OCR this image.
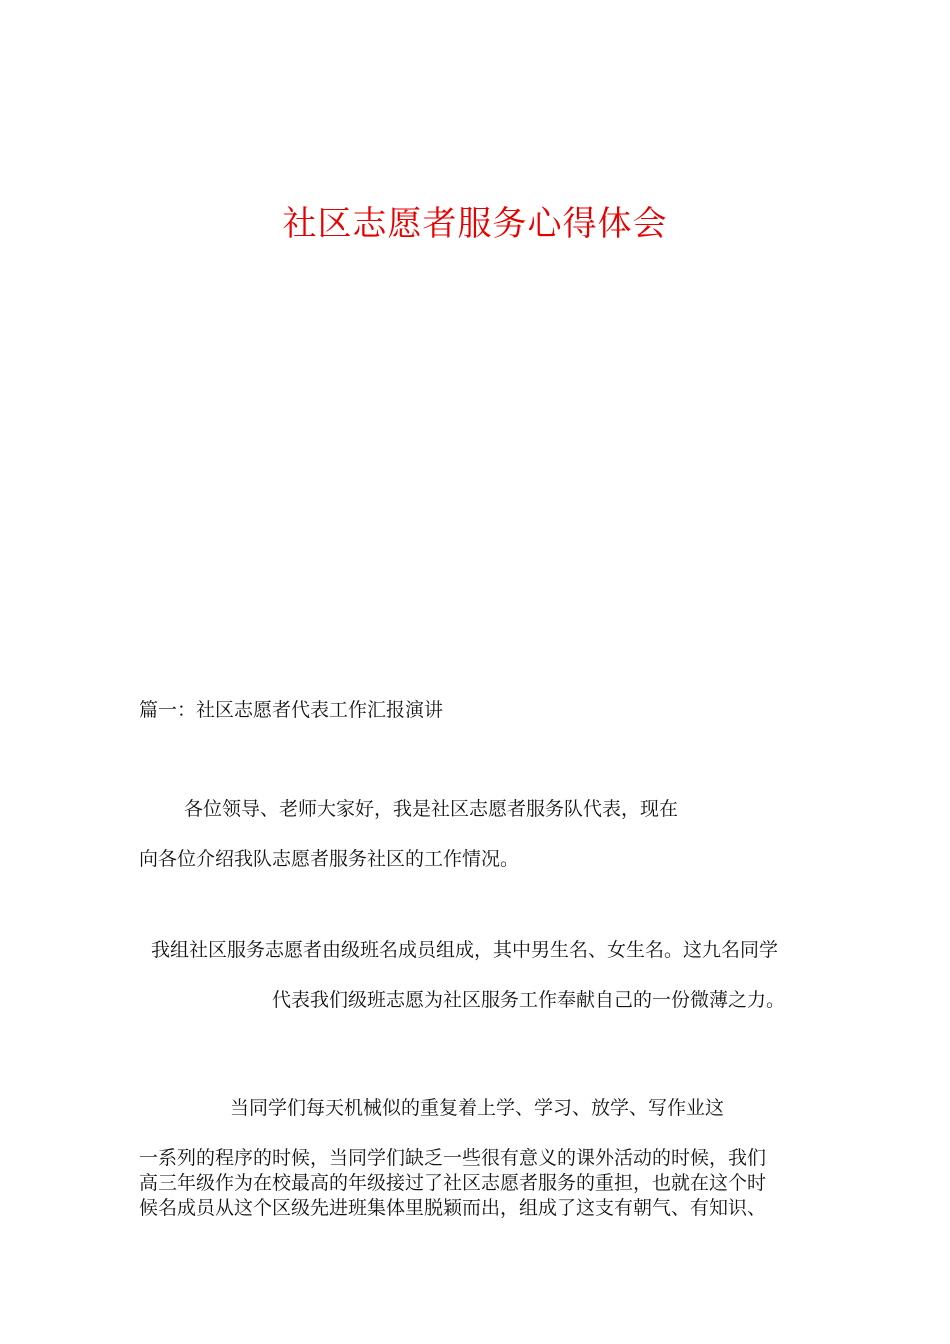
社区志愿者服务心得体会
篇一：社区志愿者代表工作汇报演讲
各位领导、老师大家好，我是社区志愿者服务队代表，现在
向各位介绍我队志愿者服务社区的工作情况。
我组社区服务志愿者由级班名成员组成，其中男生名、女生名。这九名同学
代表我们级班志愿为社区服务工作奉献自己的一份微薄之力。
当同学们每天机械似的重复着上学、学习、放学、写作业这
一系列的程序的时候，当同学们缺乏一些很有意义的课外活动的时候，我们
高三年级作为在校最高的年级接过了社区志愿者服务的重担，也就在这个时
候名成员从这个区级先进班集体里脱颖而出，组成了这支有朝气、有知识、
